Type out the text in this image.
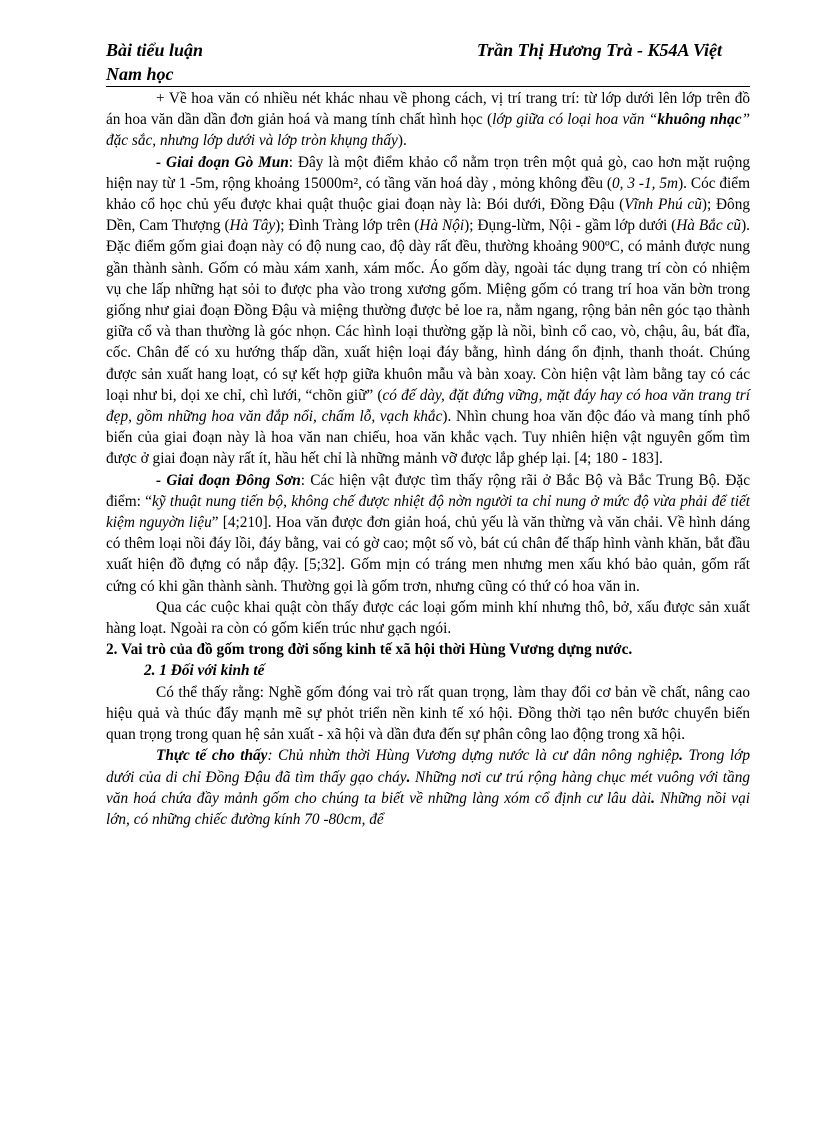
Bài tiểu luận
Nam học
Trần Thị Hương Trà - K54A Việt

+ Về hoa văn có nhiều nét khác nhau về phong cách, vị trí trang trí: từ lớp dưới lên lớp trên đồ án hoa văn dần dần đơn giản hoá và mang tính chất hình học (lớp giữa có loại hoa văn “khuông nhạc” đặc sắc, nhưng lớp dưới và lớp tròn khụng thấy).

- Giai đoạn Gò Mun: Đây là một điểm khảo cổ nằm trọn trên một quả gò, cao hơn mặt ruộng hiện nay từ 1 -5m, rộng khoảng 15000m², có tầng văn hoá dày , mỏng không đều (0, 3 -1, 5m). Cóc điểm khảo cổ học chủ yếu được khai quật thuộc giai đoạn này là: Bói dưới, Đồng Đậu (Vĩnh Phú cũ); Đông Dền, Cam Thượng (Hà Tây); Đình Tràng lớp trên (Hà Nội); Đụng-lừm, Nội - gầm lớp dưới (Hà Bắc cũ). Đặc điểm gốm giai đoạn này có độ nung cao, độ dày rất đều, thường khoảng 900ºC, có mảnh được nung gần thành sành. Gốm có màu xám xanh, xám mốc. Áo gốm dày, ngoài tác dụng trang trí còn có nhiệm vụ che lấp những hạt sỏi to được pha vào trong xương gốm. Miệng gốm có trang trí hoa văn bờn trong giống như giai đoạn Đồng Đậu và miệng thường được bẻ loe ra, nằm ngang, rộng bản nên góc tạo thành giữa cổ và than thường là góc nhọn. Các hình loại thường gặp là nồi, bình cổ cao, vò, chậu, âu, bát đĩa, cốc. Chân đế có xu hướng thấp dần, xuất hiện loại đáy bằng, hình dáng ổn định, thanh thoát. Chúng được sản xuất hang loạt, có sự kết hợp giữa khuôn mẫu và bàn xoay. Còn hiện vật làm bằng tay có các loại như bi, dọi xe chỉ, chì lưới, “chõn giữ” (có đế dày, đặt đứng vững, mặt đáy hay có hoa văn trang trí đẹp, gồm những hoa văn đắp nổi, chấm lỗ, vạch khắc). Nhìn chung hoa văn độc đáo và mang tính phổ biến của giai đoạn này là hoa văn nan chiếu, hoa văn khắc vạch. Tuy nhiên hiện vật nguyên gốm tìm được ở giai đoạn này rất ít, hầu hết chỉ là những mảnh vỡ được lắp ghép lại. [4; 180 - 183].

- Giai đoạn Đông Sơn: Các hiện vật được tìm thấy rộng rãi ở Bắc Bộ và Bắc Trung Bộ. Đặc điểm: “kỹ thuật nung tiến bộ, không chế được nhiệt độ nờn người ta chỉ nung ở mức độ vừa phải để tiết kiệm nguyờn liệu” [4;210]. Hoa văn được đơn giản hoá, chủ yếu là văn thừng và văn chải. Về hình dáng có thêm loại nồi đáy lồi, đáy bằng, vai có gờ cao; một số vò, bát cú chân đế thấp hình vành khăn, bắt đầu xuất hiện đồ đựng có nắp đậy. [5;32]. Gốm mịn có tráng men nhưng men xấu khó bảo quản, gốm rất cứng có khi gần thành sành. Thường gọi là gốm trơn, nhưng cũng có thứ có hoa văn in.

Qua các cuộc khai quật còn thấy được các loại gốm minh khí nhưng thô, bở, xấu được sản xuất hàng loạt. Ngoài ra còn có gốm kiến trúc như gạch ngói.

2. Vai trò của đồ gốm trong đời sống kinh tế xã hội thời Hùng Vương dựng nước.

2. 1 Đối với kinh tế

Có thể thấy rằng: Nghề gốm đóng vai trò rất quan trọng, làm thay đổi cơ bản về chất, nâng cao hiệu quả và thúc đẩy mạnh mẽ sự phỏt triển nền kinh tế xó hội. Đồng thời tạo nên bước chuyển biến quan trọng trong quan hệ sản xuất - xã hội và dần đưa đến sự phân công lao động trong xã hội.

Thực tế cho thấy: Chủ nhừn thời Hùng Vương dựng nước là cư dân nông nghiệp. Trong lớp dưới của di chỉ Đồng Đậu đã tìm thấy gạo cháy. Những nơi cư trú rộng hàng chục mét vuông với tầng văn hoá chứa đầy mảnh gốm cho chúng ta biết về những làng xóm cổ định cư lâu dài. Những nồi vại lớn, có những chiếc đường kính 70 -80cm, để
